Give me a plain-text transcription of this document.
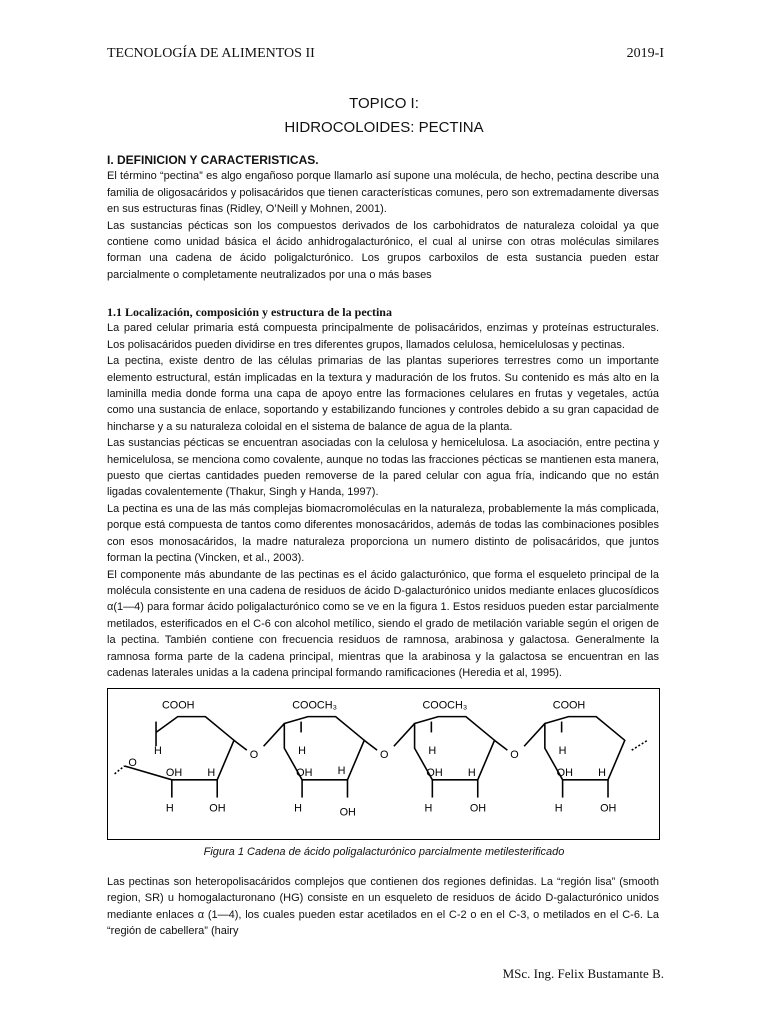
TECNOLOGÍA DE ALIMENTOS II	2019-I
TOPICO I:
HIDROCOLOIDES: PECTINA

I. DEFINICION Y CARACTERISTICAS.

El término “pectina” es algo engañoso porque llamarlo así supone una molécula, de hecho, pectina describe una familia de oligosacáridos y polisacáridos que tienen características comunes, pero son extremadamente diversas en sus estructuras finas (Ridley, O’Neill y Mohnen, 2001).

Las sustancias pécticas son los compuestos derivados de los carbohidratos de naturaleza coloidal ya que contiene como unidad básica el ácido anhidrogalacturónico, el cual al unirse con otras moléculas similares forman una cadena de ácido poligalcturónico. Los grupos carboxilos de esta sustancia pueden estar parcialmente o completamente neutralizados por una o más bases

1.1 Localización, composición y estructura de la pectina

La pared celular primaria está compuesta principalmente de polisacáridos, enzimas y proteínas estructurales. Los polisacáridos pueden dividirse en tres diferentes grupos, llamados celulosa, hemicelulosas y pectinas.

La pectina, existe dentro de las células primarias de las plantas superiores terrestres como un importante elemento estructural, están implicadas en la textura y maduración de los frutos. Su contenido es más alto en la laminilla media donde forma una capa de apoyo entre las formaciones celulares en frutas y vegetales, actúa como una sustancia de enlace, soportando y estabilizando funciones y controles debido a su gran capacidad de hincharse y a su naturaleza coloidal en el sistema de balance de agua de la planta.

Las sustancias pécticas se encuentran asociadas con la celulosa y hemicelulosa. La asociación, entre pectina y hemicelulosa, se menciona como covalente, aunque no todas las fracciones pécticas se mantienen esta manera, puesto que ciertas cantidades pueden removerse de la pared celular con agua fría, indicando que no están ligadas covalentemente (Thakur, Singh y Handa, 1997).

La pectina es una de las más complejas biomacromoléculas en la naturaleza, probablemente la más complicada, porque está compuesta de tantos como diferentes monosacáridos, además de todas las combinaciones posibles con esos monosacáridos, la madre naturaleza proporciona un numero distinto de polisacáridos, que juntos forman la pectina (Vincken, et al., 2003).

El componente más abundante de las pectinas es el ácido galacturónico, que forma el esqueleto principal de la molécula consistente en una cadena de residuos de ácido D-galacturónico unidos mediante enlaces glucosídicos α(1—4) para formar ácido poligalacturónico como se ve en la figura 1. Estos residuos pueden estar parcialmente metilados, esterificados en el C-6 con alcohol metílico, siendo el grado de metilación variable según el origen de la pectina. También contiene con frecuencia residuos de ramnosa, arabinosa y galactosa. Generalmente la ramnosa forma parte de la cadena principal, mientras que la arabinosa y la galactosa se encuentran en las cadenas laterales unidas a la cadena principal formando ramificaciones (Heredia et al, 1995).

COOH	COOCH₃	COOCH₃	COOH
O
O	O	O
H
OH H
H	OH
H
OH H
H	OH
H
OH H
H	OH
H
OH H
H	OH
Figura 1 Cadena de ácido poligalacturónico parcialmente metilesterificado

Las pectinas son heteropolisacáridos complejos que contienen dos regiones definidas. La “región lisa” (smooth region, SR) u homogalacturonano (HG) consiste en un esqueleto de residuos de ácido D-galacturónico unidos mediante enlaces α (1—4), los cuales pueden estar acetilados en el C-2 o en el C-3, o metilados en el C-6. La “región de cabellera” (hairy

MSc. Ing. Felix Bustamante B.
